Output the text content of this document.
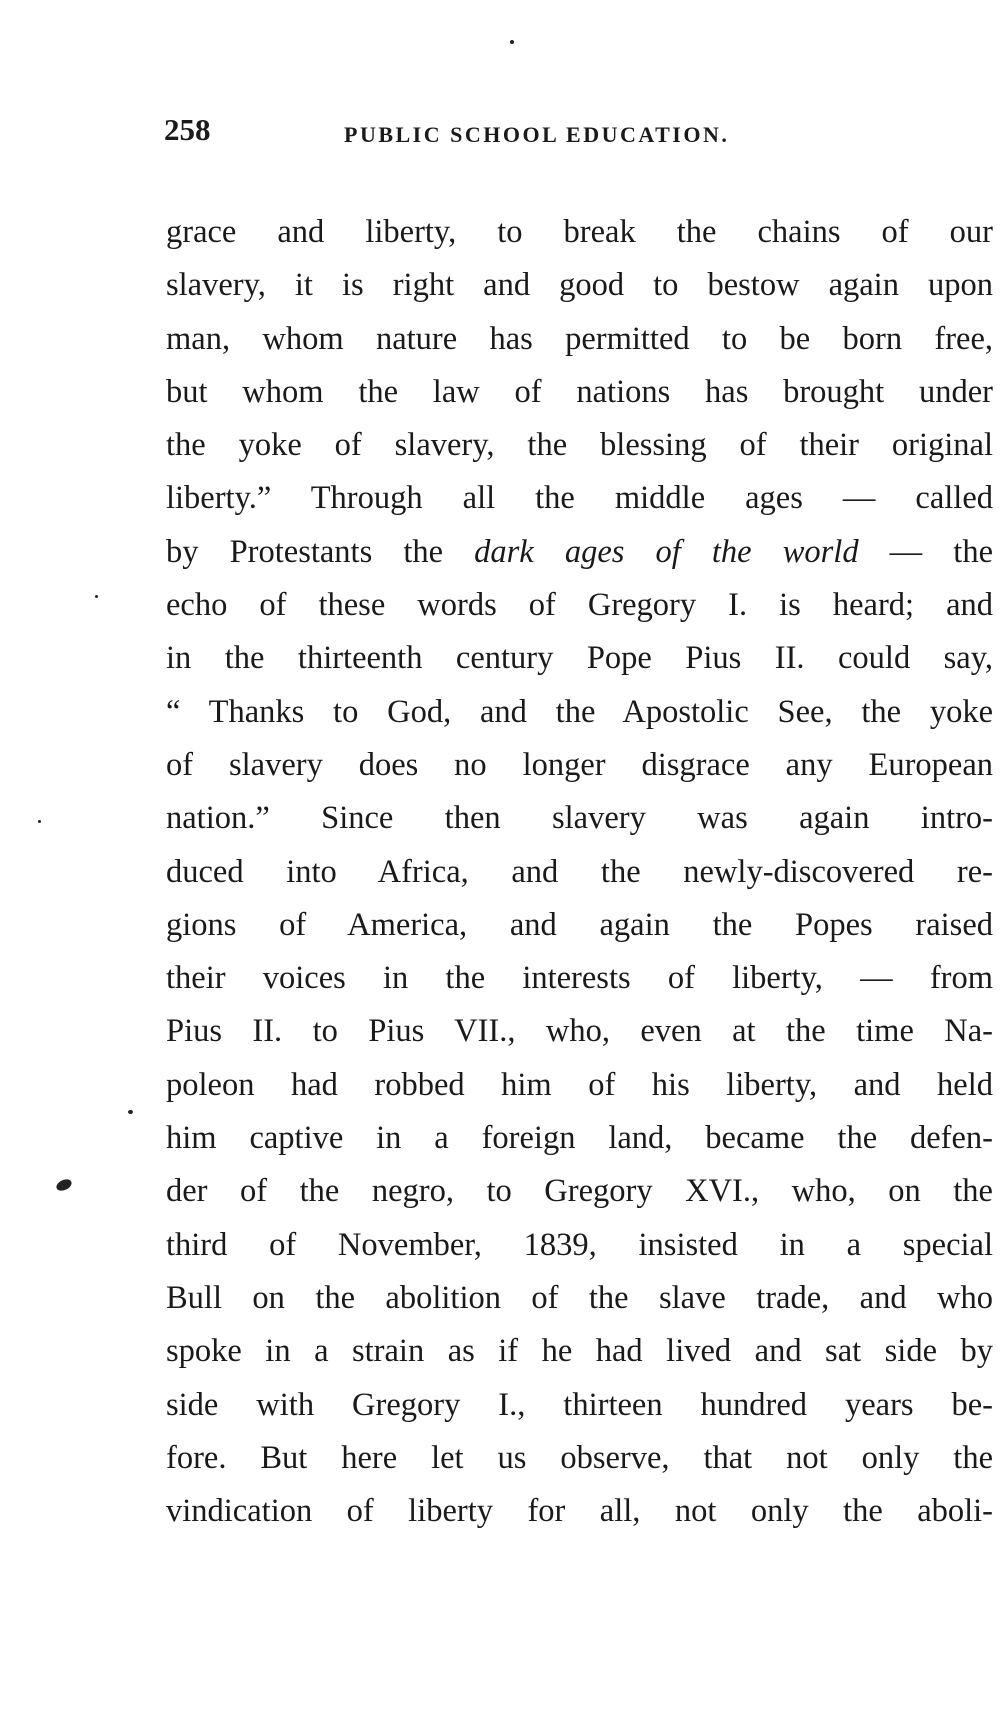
258	PUBLIC SCHOOL EDUCATION.
grace and liberty, to break the chains of our
slavery, it is right and good to bestow again upon
man, whom nature has permitted to be born free,
but whom the law of nations has brought under
the yoke of slavery, the blessing of their original
liberty.” Through all the middle ages — called
by Protestants the dark ages of the world — the
echo of these words of Gregory I. is heard; and
in the thirteenth century Pope Pius II. could say,
“ Thanks to God, and the Apostolic See, the yoke
of slavery does no longer disgrace any European
nation.” Since then slavery was again intro-
duced into Africa, and the newly-discovered re-
gions of America, and again the Popes raised
their voices in the interests of liberty, — from
Pius II. to Pius VII., who, even at the time Na-
poleon had robbed him of his liberty, and held
him captive in a foreign land, became the defen-
der of the negro, to Gregory XVI., who, on the
third of November, 1839, insisted in a special
Bull on the abolition of the slave trade, and who
spoke in a strain as if he had lived and sat side by
side with Gregory I., thirteen hundred years be-
fore. But here let us observe, that not only the
vindication of liberty for all, not only the aboli-
